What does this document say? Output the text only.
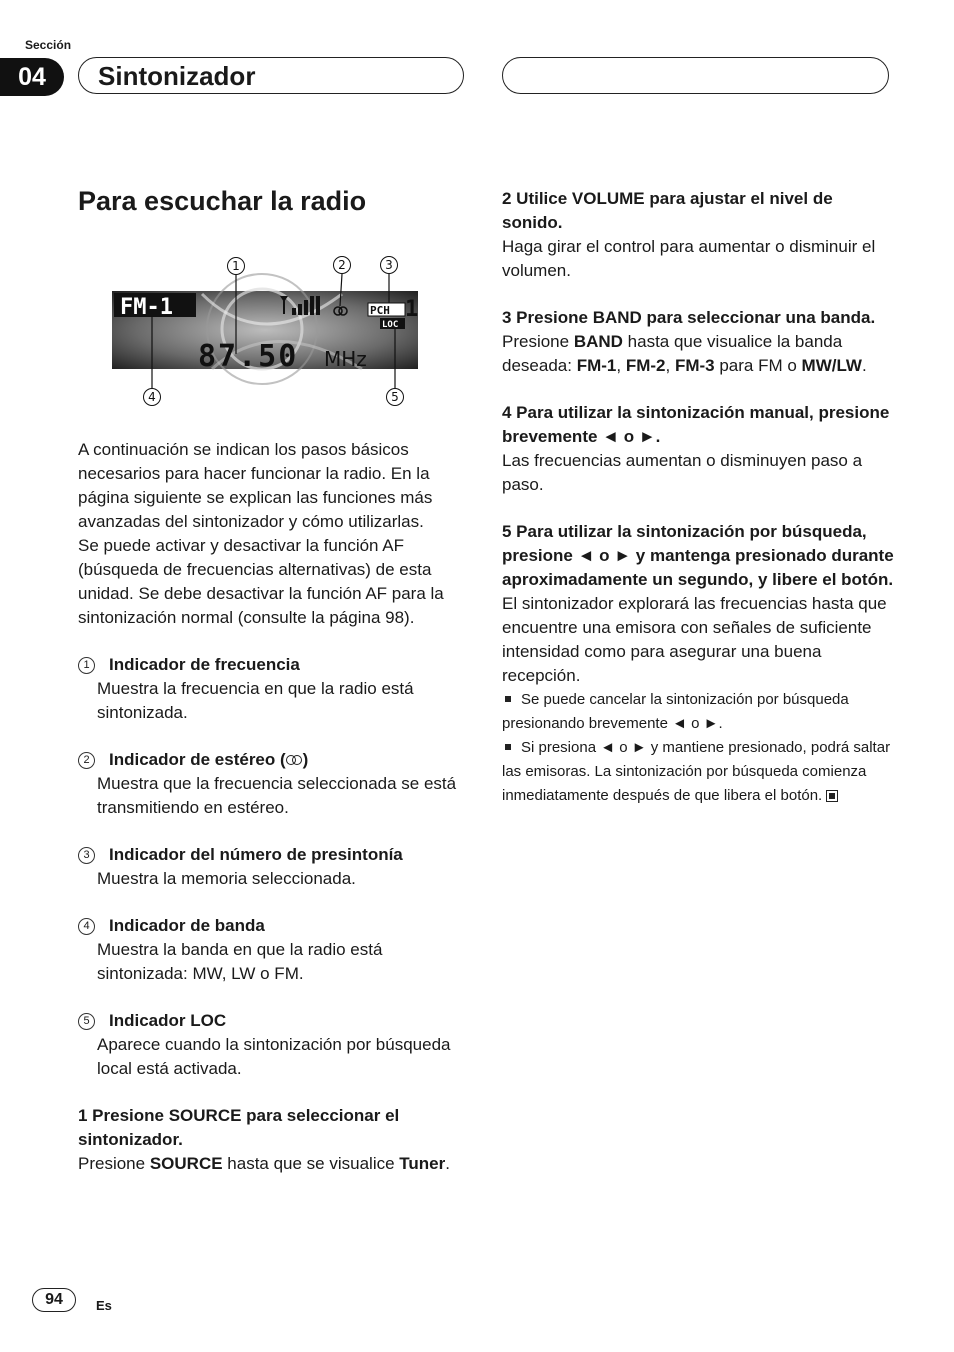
Sección
04	Sintonizador
Para escuchar la radio
FM-1	PCH 1
LOC
87.50 MHz
1	2	3
4	5

A continuación se indican los pasos básicos necesarios para hacer funcionar la radio. En la página siguiente se explican las funciones más avanzadas del sintonizador y cómo utilizarlas.

Se puede activar y desactivar la función AF (búsqueda de frecuencias alternativas) de esta unidad. Se debe desactivar la función AF para la sintonización normal (consulte la página 98).

1	Indicador de frecuencia

Muestra la frecuencia en que la radio está sintonizada.

2	Indicador de estéreo ( )

Muestra que la frecuencia seleccionada se está transmitiendo en estéreo.

3	Indicador del número de presintonía

Muestra la memoria seleccionada.

4	Indicador de banda

Muestra la banda en que la radio está sintonizada: MW, LW o FM.

5	Indicador LOC

Aparece cuando la sintonización por búsqueda local está activada.

1 Presione SOURCE para seleccionar el sintonizador.

Presione SOURCE hasta que se visualice Tuner.

2 Utilice VOLUME para ajustar el nivel de sonido.

Haga girar el control para aumentar o disminuir el volumen.

3 Presione BAND para seleccionar una banda.

Presione BAND hasta que visualice la banda deseada: FM-1, FM-2, FM-3 para FM o MW/LW.

4 Para utilizar la sintonización manual, presione brevemente ◄ o ►.

Las frecuencias aumentan o disminuyen paso a paso.

5 Para utilizar la sintonización por búsqueda, presione ◄ o ► y mantenga presionado durante aproximadamente un segundo, y libere el botón.

El sintonizador explorará las frecuencias hasta que encuentre una emisora con señales de suficiente intensidad como para asegurar una buena recepción.

Se puede cancelar la sintonización por búsqueda presionando brevemente ◄ o ►.

Si presiona ◄ o ► y mantiene presionado, podrá saltar las emisoras. La sintonización por búsqueda comienza inmediatamente después de que libera el botón.

94	Es
